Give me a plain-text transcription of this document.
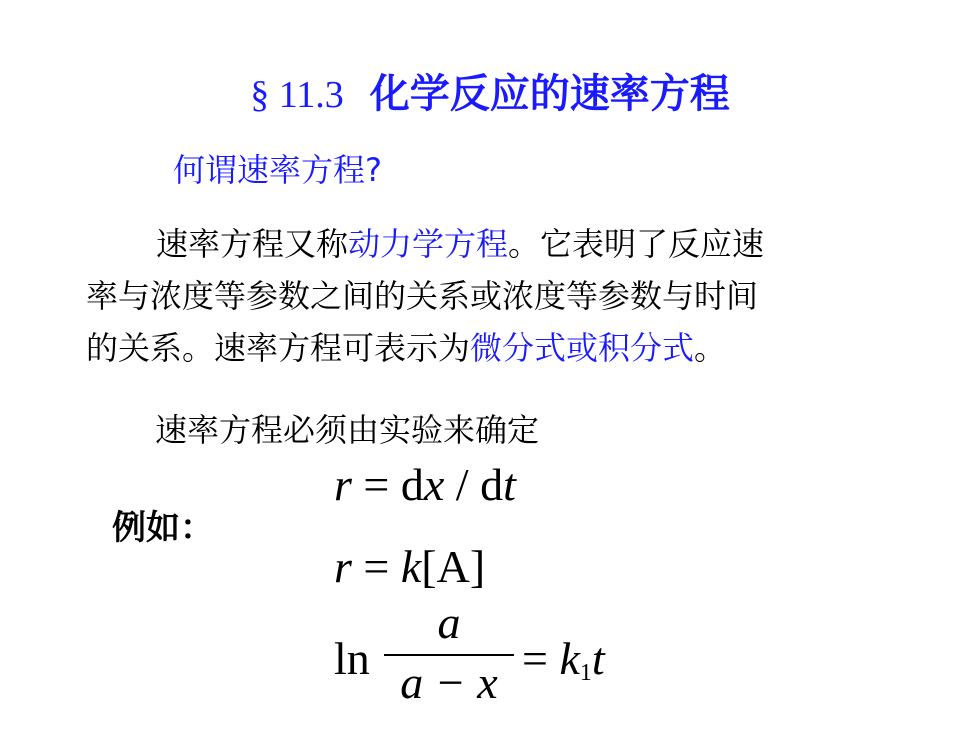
§ 11.3 化学反应的速率方程
何谓速率方程?
速率方程又称动力学方程。它表明了反应速
率与浓度等参数之间的关系或浓度等参数与时间
的关系。速率方程可表示为微分式或积分式。
速率方程必须由实验来确定
例如：
r = dx / dt
r = k[A]
ln
a
$a - x = k_1t$
